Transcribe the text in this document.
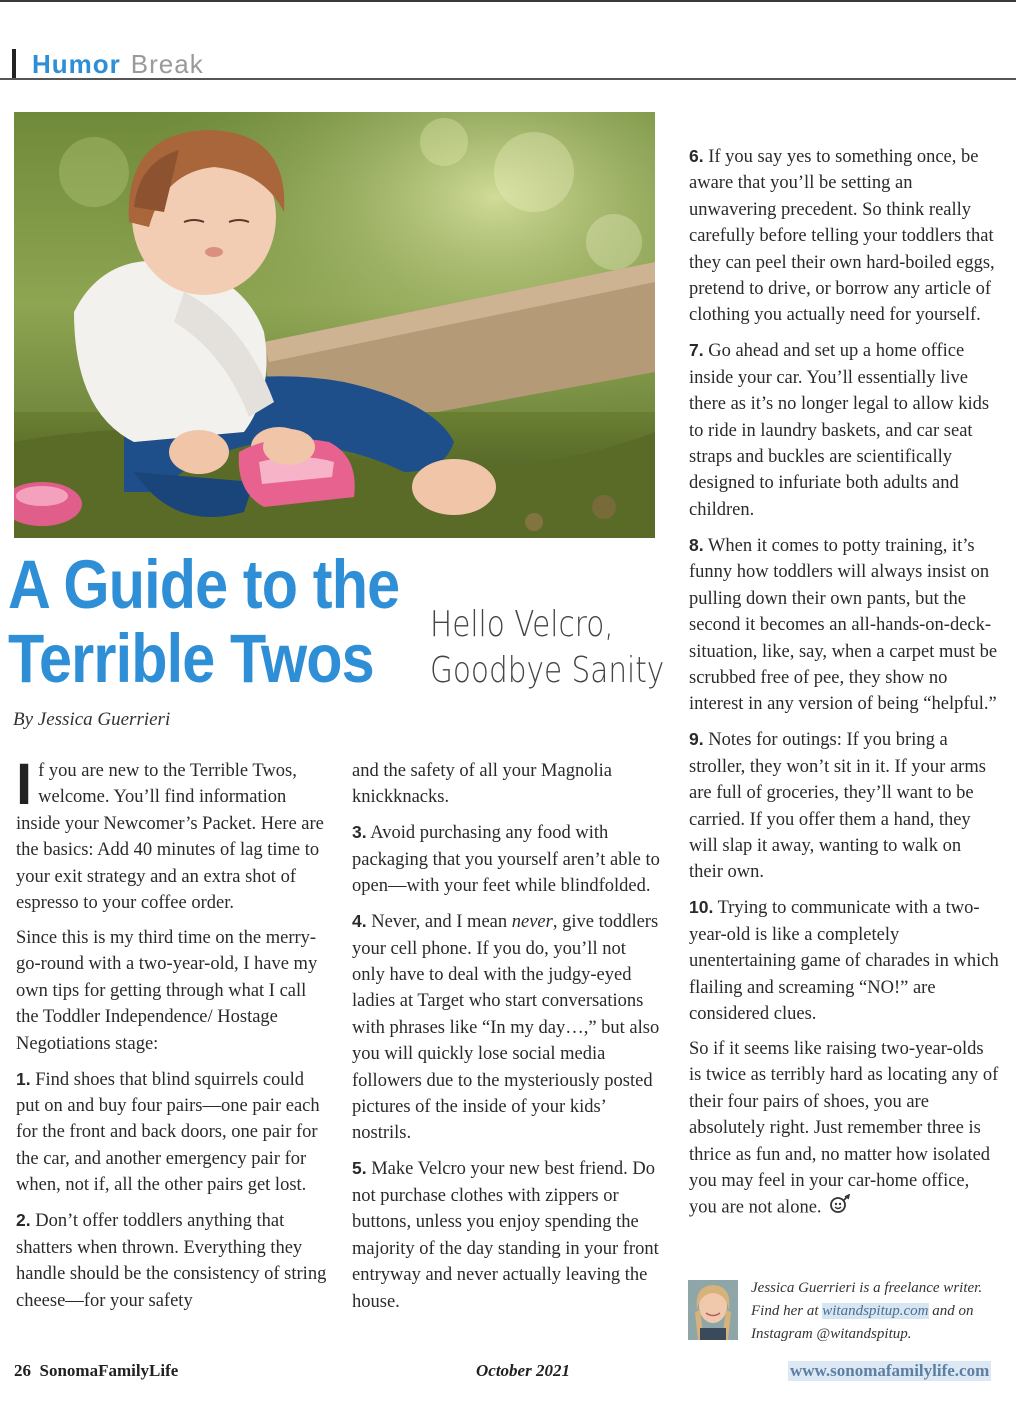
Humor Break
A Guide to the
Terrible Twos Hello Velcro,
Goodbye Sanity
By Jessica Guerrieri

If you are new to the Terrible Twos, welcome. You’ll find information inside your Newcomer’s Packet. Here are the basics: Add 40 minutes of lag time to your exit strategy and an extra shot of espresso to your coffee order.

Since this is my third time on the merry-go-round with a two-year-old, I have my own tips for getting through what I call the Toddler Independence/ Hostage Negotiations stage:

1. Find shoes that blind squirrels could put on and buy four pairs—one pair each for the front and back doors, one pair for the car, and another emergency pair for when, not if, all the other pairs get lost.

2. Don’t offer toddlers anything that shatters when thrown. Everything they handle should be the consistency of string cheese—for your safety

and the safety of all your Magnolia knickknacks.

3. Avoid purchasing any food with packaging that you yourself aren’t able to open—with your feet while blindfolded.

4. Never, and I mean never, give toddlers your cell phone. If you do, you’ll not only have to deal with the judgy-eyed ladies at Target who start conversations with phrases like “In my day…,” but also you will quickly lose social media followers due to the mysteriously posted pictures of the inside of your kids’ nostrils.

5. Make Velcro your new best friend. Do not purchase clothes with zippers or buttons, unless you enjoy spending the majority of the day standing in your front entryway and never actually leaving the house.

6. If you say yes to something once, be aware that you’ll be setting an unwavering precedent. So think really carefully before telling your toddlers that they can peel their own hard-boiled eggs, pretend to drive, or borrow any article of clothing you actually need for yourself.

7. Go ahead and set up a home office inside your car. You’ll essentially live there as it’s no longer legal to allow kids to ride in laundry baskets, and car seat straps and buckles are scientifically designed to infuriate both adults and children.

8. When it comes to potty training, it’s funny how toddlers will always insist on pulling down their own pants, but the second it becomes an all-hands-on-deck-situation, like, say, when a carpet must be scrubbed free of pee, they show no interest in any version of being “helpful.”

9. Notes for outings: If you bring a stroller, they won’t sit in it. If your arms are full of groceries, they’ll want to be carried. If you offer them a hand, they will slap it away, wanting to walk on their own.

10. Trying to communicate with a two-year-old is like a completely unentertaining game of charades in which flailing and screaming “NO!” are considered clues.

So if it seems like raising two-year-olds is twice as terribly hard as locating any of their four pairs of shoes, you are absolutely right. Just remember three is thrice as fun and, no matter how isolated you may feel in your car-home office, you are not alone.

Jessica Guerrieri is a freelance writer. Find her at witandspitup.com and on Instagram @witandspitup.
26 SonomaFamilyLife	October 2021	www.sonomafamilylife.com
